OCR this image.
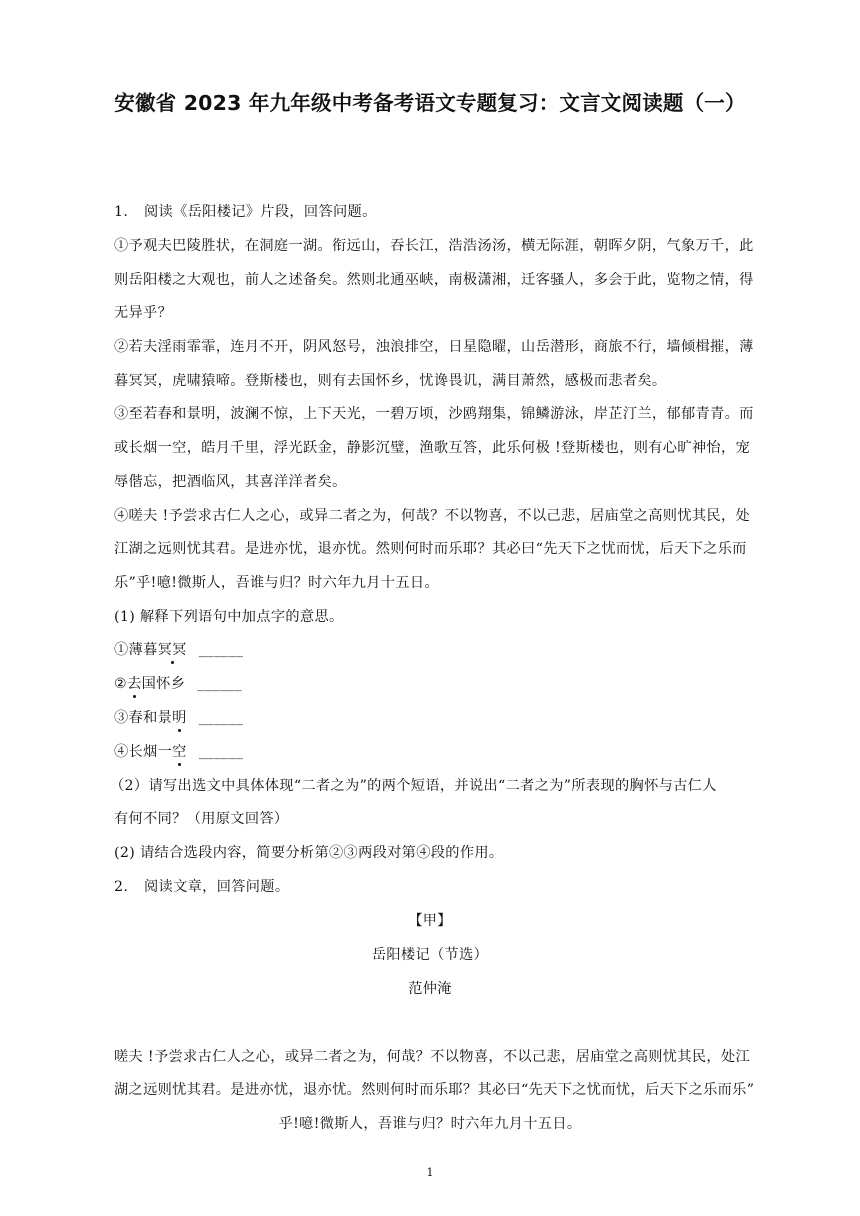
安徽省 2023 年九年级中考备考语文专题复习：文言文阅读题（一）
1. 阅读《岳阳楼记》片段，回答问题。
①予观夫巴陵胜状，在洞庭一湖。衔远山，吞长江，浩浩汤汤，横无际涯，朝晖夕阴，气象万千，此
则岳阳楼之大观也，前人之述备矣。然则北通巫峡，南极潇湘，迁客骚人，多会于此，览物之情，得
无异乎？
②若夫淫雨霏霏，连月不开，阴风怒号，浊浪排空，日星隐曜，山岳潜形，商旅不行，墙倾楫摧，薄
暮冥冥，虎啸猿啼。登斯楼也，则有去国怀乡，忧谗畏讥，满目萧然，感极而悲者矣。
③至若春和景明，波澜不惊，上下天光，一碧万顷，沙鸥翔集，锦鳞游泳，岸芷汀兰，郁郁青青。而
或长烟一空，皓月千里，浮光跃金，静影沉璧，渔歌互答，此乐何极 !登斯楼也，则有心旷神怡，宠
辱偕忘，把酒临风，其喜洋洋者矣。
④嗟夫 !予尝求古仁人之心，或异二者之为，何哉？不以物喜，不以己悲，居庙堂之高则忧其民，处
江湖之远则忧其君。是进亦忧，退亦忧。然则何时而乐耶？其必曰“先天下之忧而忧，后天下之乐而
乐”乎!噫!微斯人，吾谁与归？时六年九月十五日。
(1) 解释下列语句中加点字的意思。
①薄暮冥冥 ______
②去国怀乡 ______
③春和景明 ______
④长烟一空 ______
（2）请写出选文中具体体现“二者之为”的两个短语，并说出“二者之为”所表现的胸怀与古仁人
有何不同？（用原文回答）
(2) 请结合选段内容，简要分析第②③两段对第④段的作用。
2. 阅读文章，回答问题。
【甲】
岳阳楼记（节选）
范仲淹
嗟夫 !予尝求古仁人之心，或异二者之为，何哉？不以物喜，不以己悲，居庙堂之高则忧其民，处江
湖之远则忧其君。是进亦忧，退亦忧。然则何时而乐耶？其必曰“先天下之忧而忧，后天下之乐而乐”
乎!噫!微斯人，吾谁与归？时六年九月十五日。
1
